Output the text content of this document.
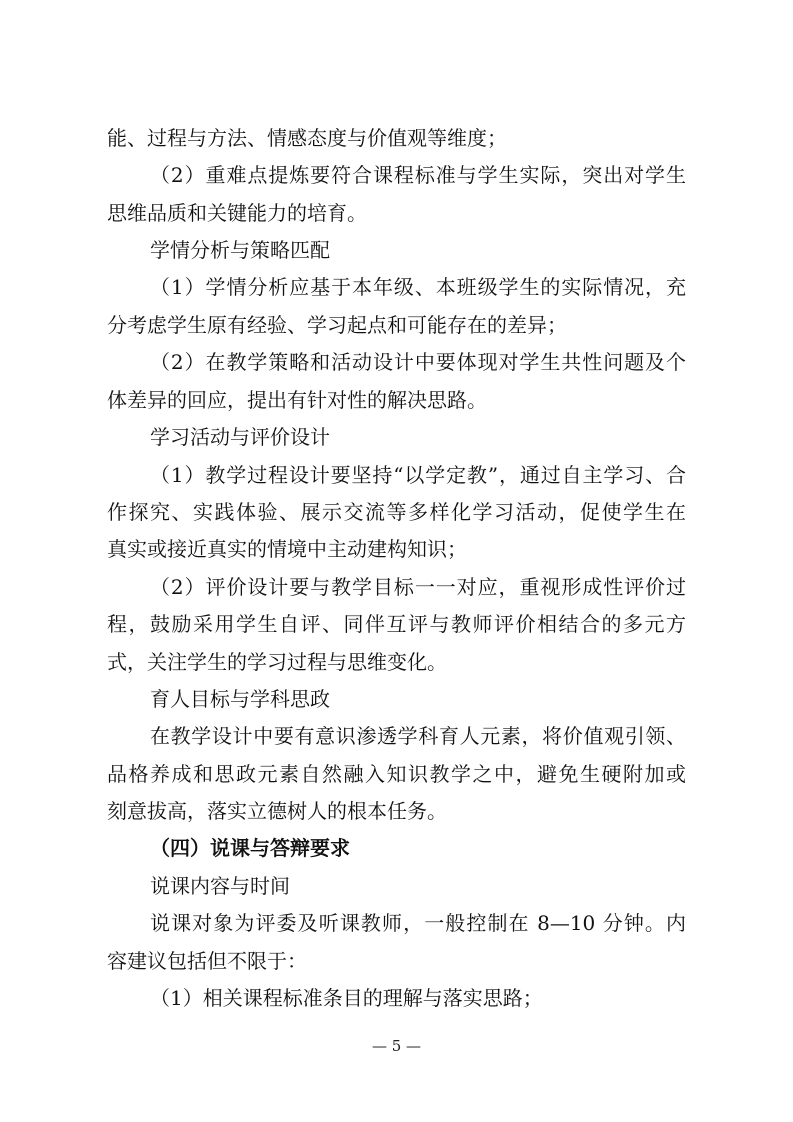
能、过程与方法、情感态度与价值观等维度；
（2）重难点提炼要符合课程标准与学生实际，突出对学生
思维品质和关键能力的培育。
学情分析与策略匹配
（1）学情分析应基于本年级、本班级学生的实际情况，充
分考虑学生原有经验、学习起点和可能存在的差异；
（2）在教学策略和活动设计中要体现对学生共性问题及个
体差异的回应，提出有针对性的解决思路。
学习活动与评价设计
（1）教学过程设计要坚持“以学定教”，通过自主学习、合
作探究、实践体验、展示交流等多样化学习活动，促使学生在
真实或接近真实的情境中主动建构知识；
（2）评价设计要与教学目标一一对应，重视形成性评价过
程，鼓励采用学生自评、同伴互评与教师评价相结合的多元方
式，关注学生的学习过程与思维变化。
育人目标与学科思政
在教学设计中要有意识渗透学科育人元素，将价值观引领、
品格养成和思政元素自然融入知识教学之中，避免生硬附加或
刻意拔高，落实立德树人的根本任务。
（四）说课与答辩要求
说课内容与时间
说课对象为评委及听课教师，一般控制在 8—10 分钟。内
容建议包括但不限于：
（1）相关课程标准条目的理解与落实思路；
— 5 —
